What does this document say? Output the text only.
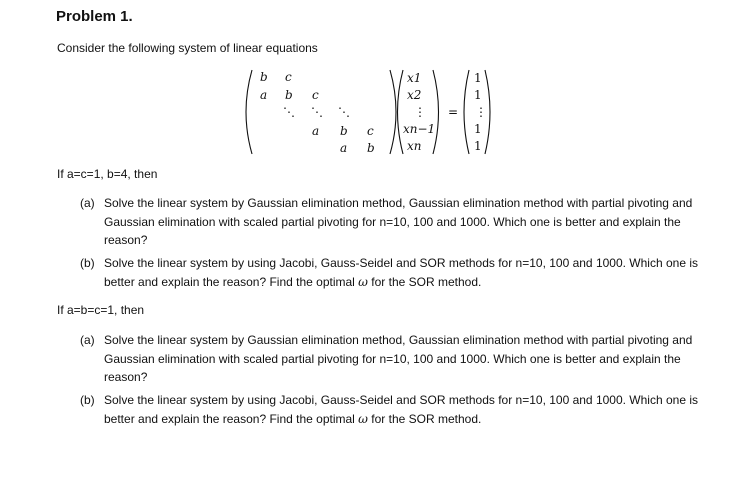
Problem 1.

Consider the following system of linear equations

b c
a b c
⋱ ⋱ ⋱
a b c
a b
x1
x2
⋮
xn−1
xn
=
1
1
⋮
1
1

If a=c=1, b=4, then

(a) Solve the linear system by Gaussian elimination method, Gaussian elimination method with partial pivoting and Gaussian elimination with scaled partial pivoting for n=10, 100 and 1000. Which one is better and explain the reason?
(b) Solve the linear system by using Jacobi, Gauss-Seidel and SOR methods for n=10, 100 and 1000. Which one is better and explain the reason? Find the optimal ω for the SOR method.

If a=b=c=1, then

(a) Solve the linear system by Gaussian elimination method, Gaussian elimination method with partial pivoting and Gaussian elimination with scaled partial pivoting for n=10, 100 and 1000. Which one is better and explain the reason?
(b) Solve the linear system by using Jacobi, Gauss-Seidel and SOR methods for n=10, 100 and 1000. Which one is better and explain the reason? Find the optimal ω for the SOR method.
